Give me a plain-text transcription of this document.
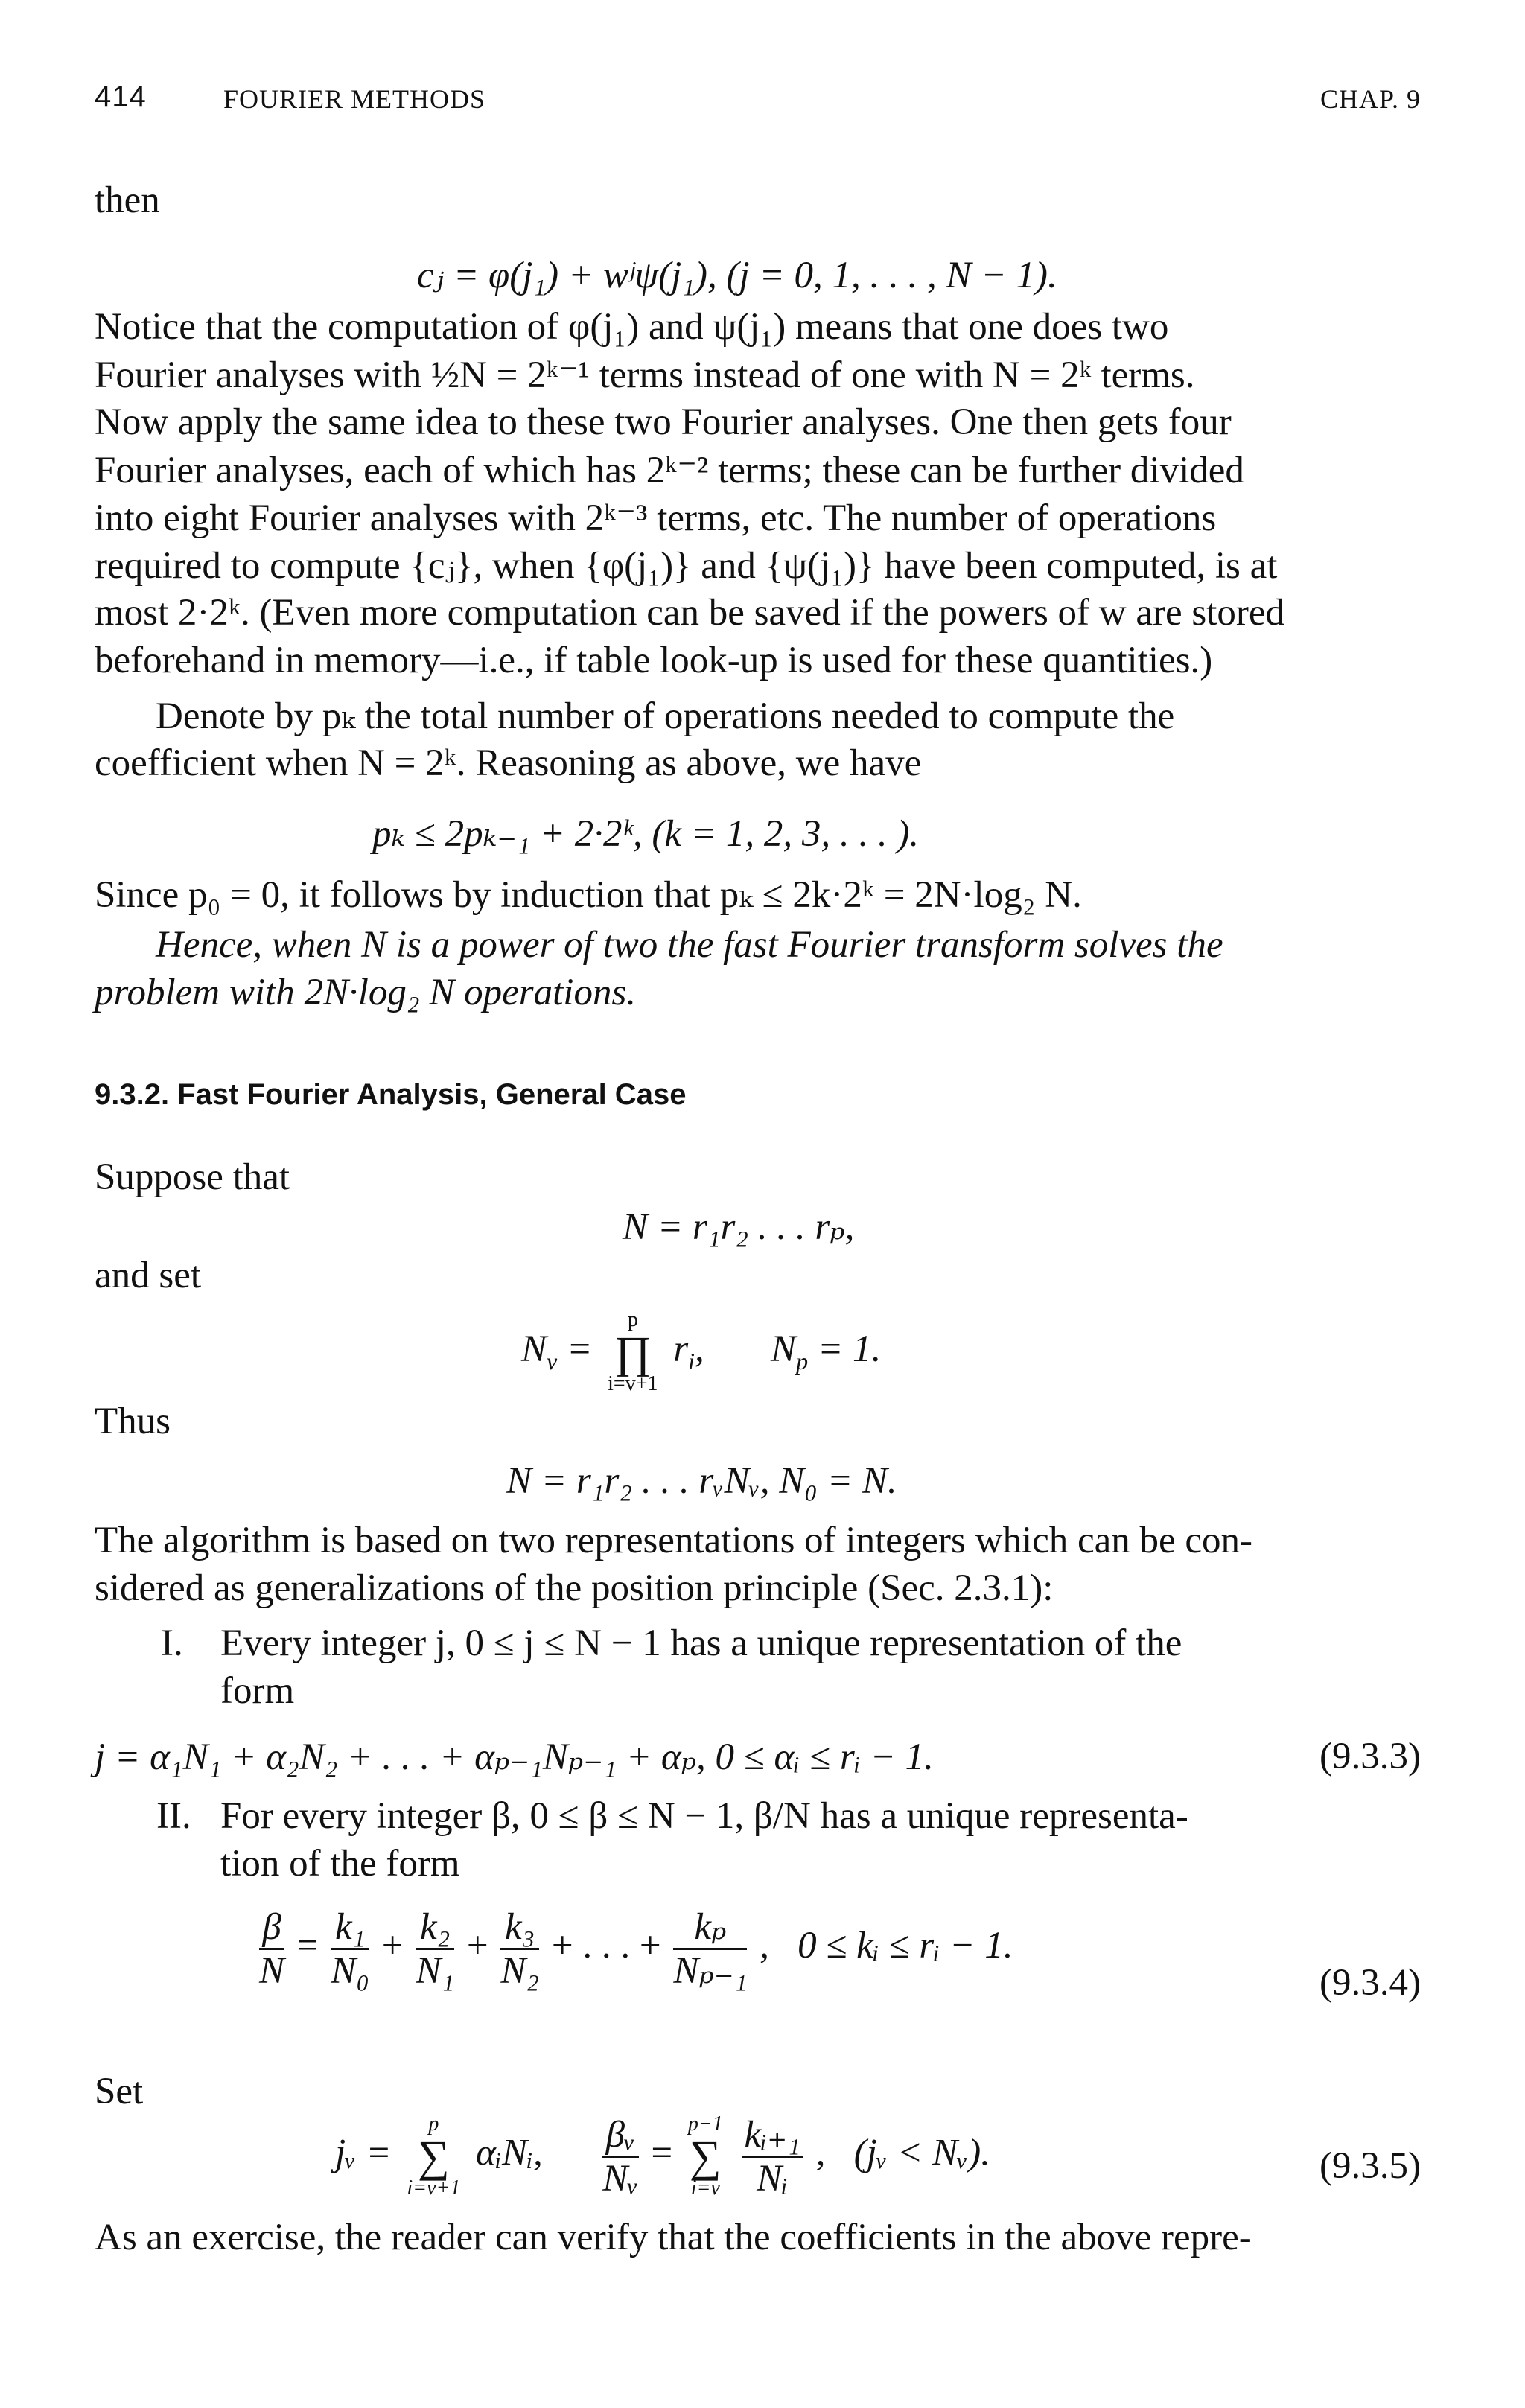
414	FOURIER METHODS	CHAP. 9
then
cⱼ = φ(j₁) + wʲψ(j₁), (j = 0, 1, . . . , N − 1).
Notice that the computation of φ(j₁) and ψ(j₁) means that one does two
Fourier analyses with ½N = 2ᵏ⁻¹ terms instead of one with N = 2ᵏ terms.
Now apply the same idea to these two Fourier analyses. One then gets four
Fourier analyses, each of which has 2ᵏ⁻² terms; these can be further divided
into eight Fourier analyses with 2ᵏ⁻³ terms, etc. The number of operations
required to compute {cⱼ}, when {φ(j₁)} and {ψ(j₁)} have been computed, is at
most 2·2ᵏ. (Even more computation can be saved if the powers of w are stored
beforehand in memory—i.e., if table look-up is used for these quantities.)
Denote by pₖ the total number of operations needed to compute the
coefficient when N = 2ᵏ. Reasoning as above, we have
pₖ ≤ 2pₖ₋₁ + 2·2ᵏ, (k = 1, 2, 3, . . . ).
Since p₀ = 0, it follows by induction that pₖ ≤ 2k·2ᵏ = 2N·log₂ N.
Hence, when N is a power of two the fast Fourier transform solves the
problem with 2N·log₂ N operations.
9.3.2. Fast Fourier Analysis, General Case
Suppose that
N = r₁r₂ . . . rₚ,
and set
$N_v$ =
p
∏
i=v+1
$r_i$,       $N_p = 1$.
Thus
N = r₁r₂ . . . rᵥNᵥ, N₀ = N.
The algorithm is based on two representations of integers which can be con-
sidered as generalizations of the position principle (Sec. 2.3.1):
I. Every integer j, 0 ≤ j ≤ N − 1 has a unique representation of the
form
j = α₁N₁ + α₂N₂ + . . . + αₚ₋₁Nₚ₋₁ + αₚ, 0 ≤ αᵢ ≤ rᵢ − 1.	(9.3.3)
II. For every integer β, 0 ≤ β ≤ N − 1, β/N has a unique representa-
tion of the form
$\frac{\beta}{N} = \frac{\text{k₁}}{\text{N₀}} + \frac{\text{k₂}}{\text{N₁}} + \frac{\text{k₃}}{\text{N₂}}$ + . . . + $\frac{\text{kₚ}}{\text{Nₚ₋₁}}$ ,   0 ≤ kᵢ ≤ rᵢ − 1.
(9.3.4)
Set
jᵥ =
p
∑
i=v+1
αᵢNᵢ, $\frac{\text{βᵥ}}{\text{Nᵥ}}$ =
p−1
∑
i=v
$\frac{\text{kᵢ₊₁}}{\text{Nᵢ}}$ ,   (jᵥ < Nᵥ).	(9.3.5)
As an exercise, the reader can verify that the coefficients in the above repre-
